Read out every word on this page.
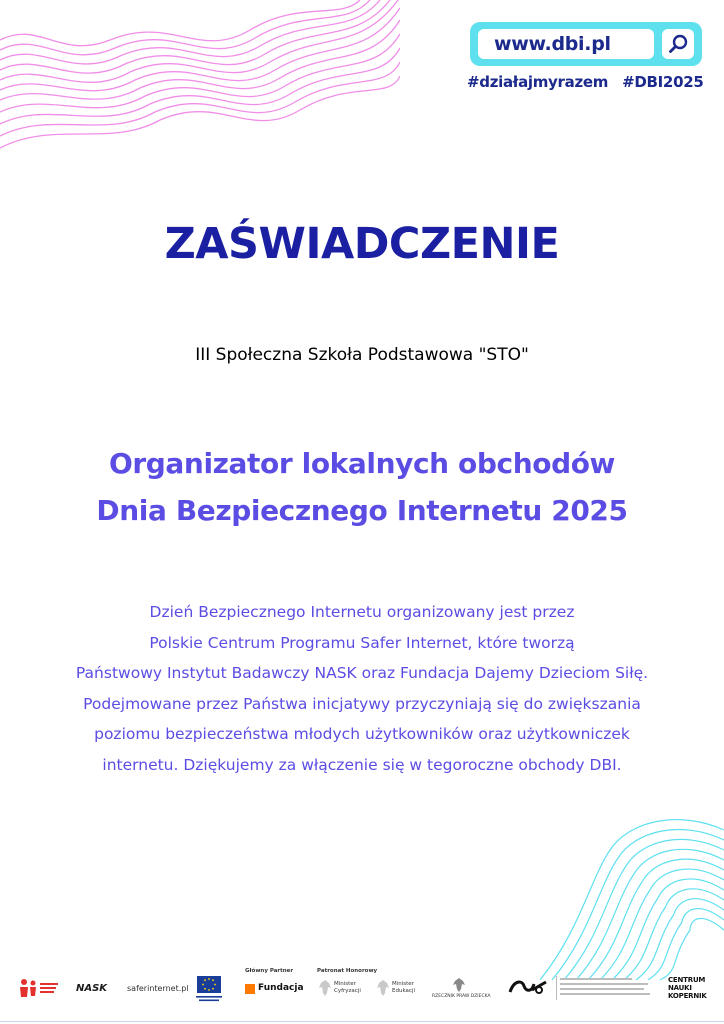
www.dbi.pl
#działajmyrazem #DBI2025
ZAŚWIADCZENIE
III Społeczna Szkoła Podstawowa "STO"
Organizator lokalnych obchodów
Dnia Bezpiecznego Internetu 2025
Dzień Bezpiecznego Internetu organizowany jest przez
Polskie Centrum Programu Safer Internet, które tworzą
Państwowy Instytut Badawczy NASK oraz Fundacja Dajemy Dzieciom Siłę.
Podejmowane przez Państwa inicjatywy przyczyniają się do zwiększania
poziomu bezpieczeństwa młodych użytkowników oraz użytkowniczek
internetu. Dziękujemy za włączenie się w tegoroczne obchody DBI.
NASK saferinternet.pl
Główny Partner
Fundacja
Patronat Honorowy
Minister Cyfryzacji
Minister Edukacji
RZECZNIK PRAW DZIECKA
CENTRUM NAUKI KOPERNIK
